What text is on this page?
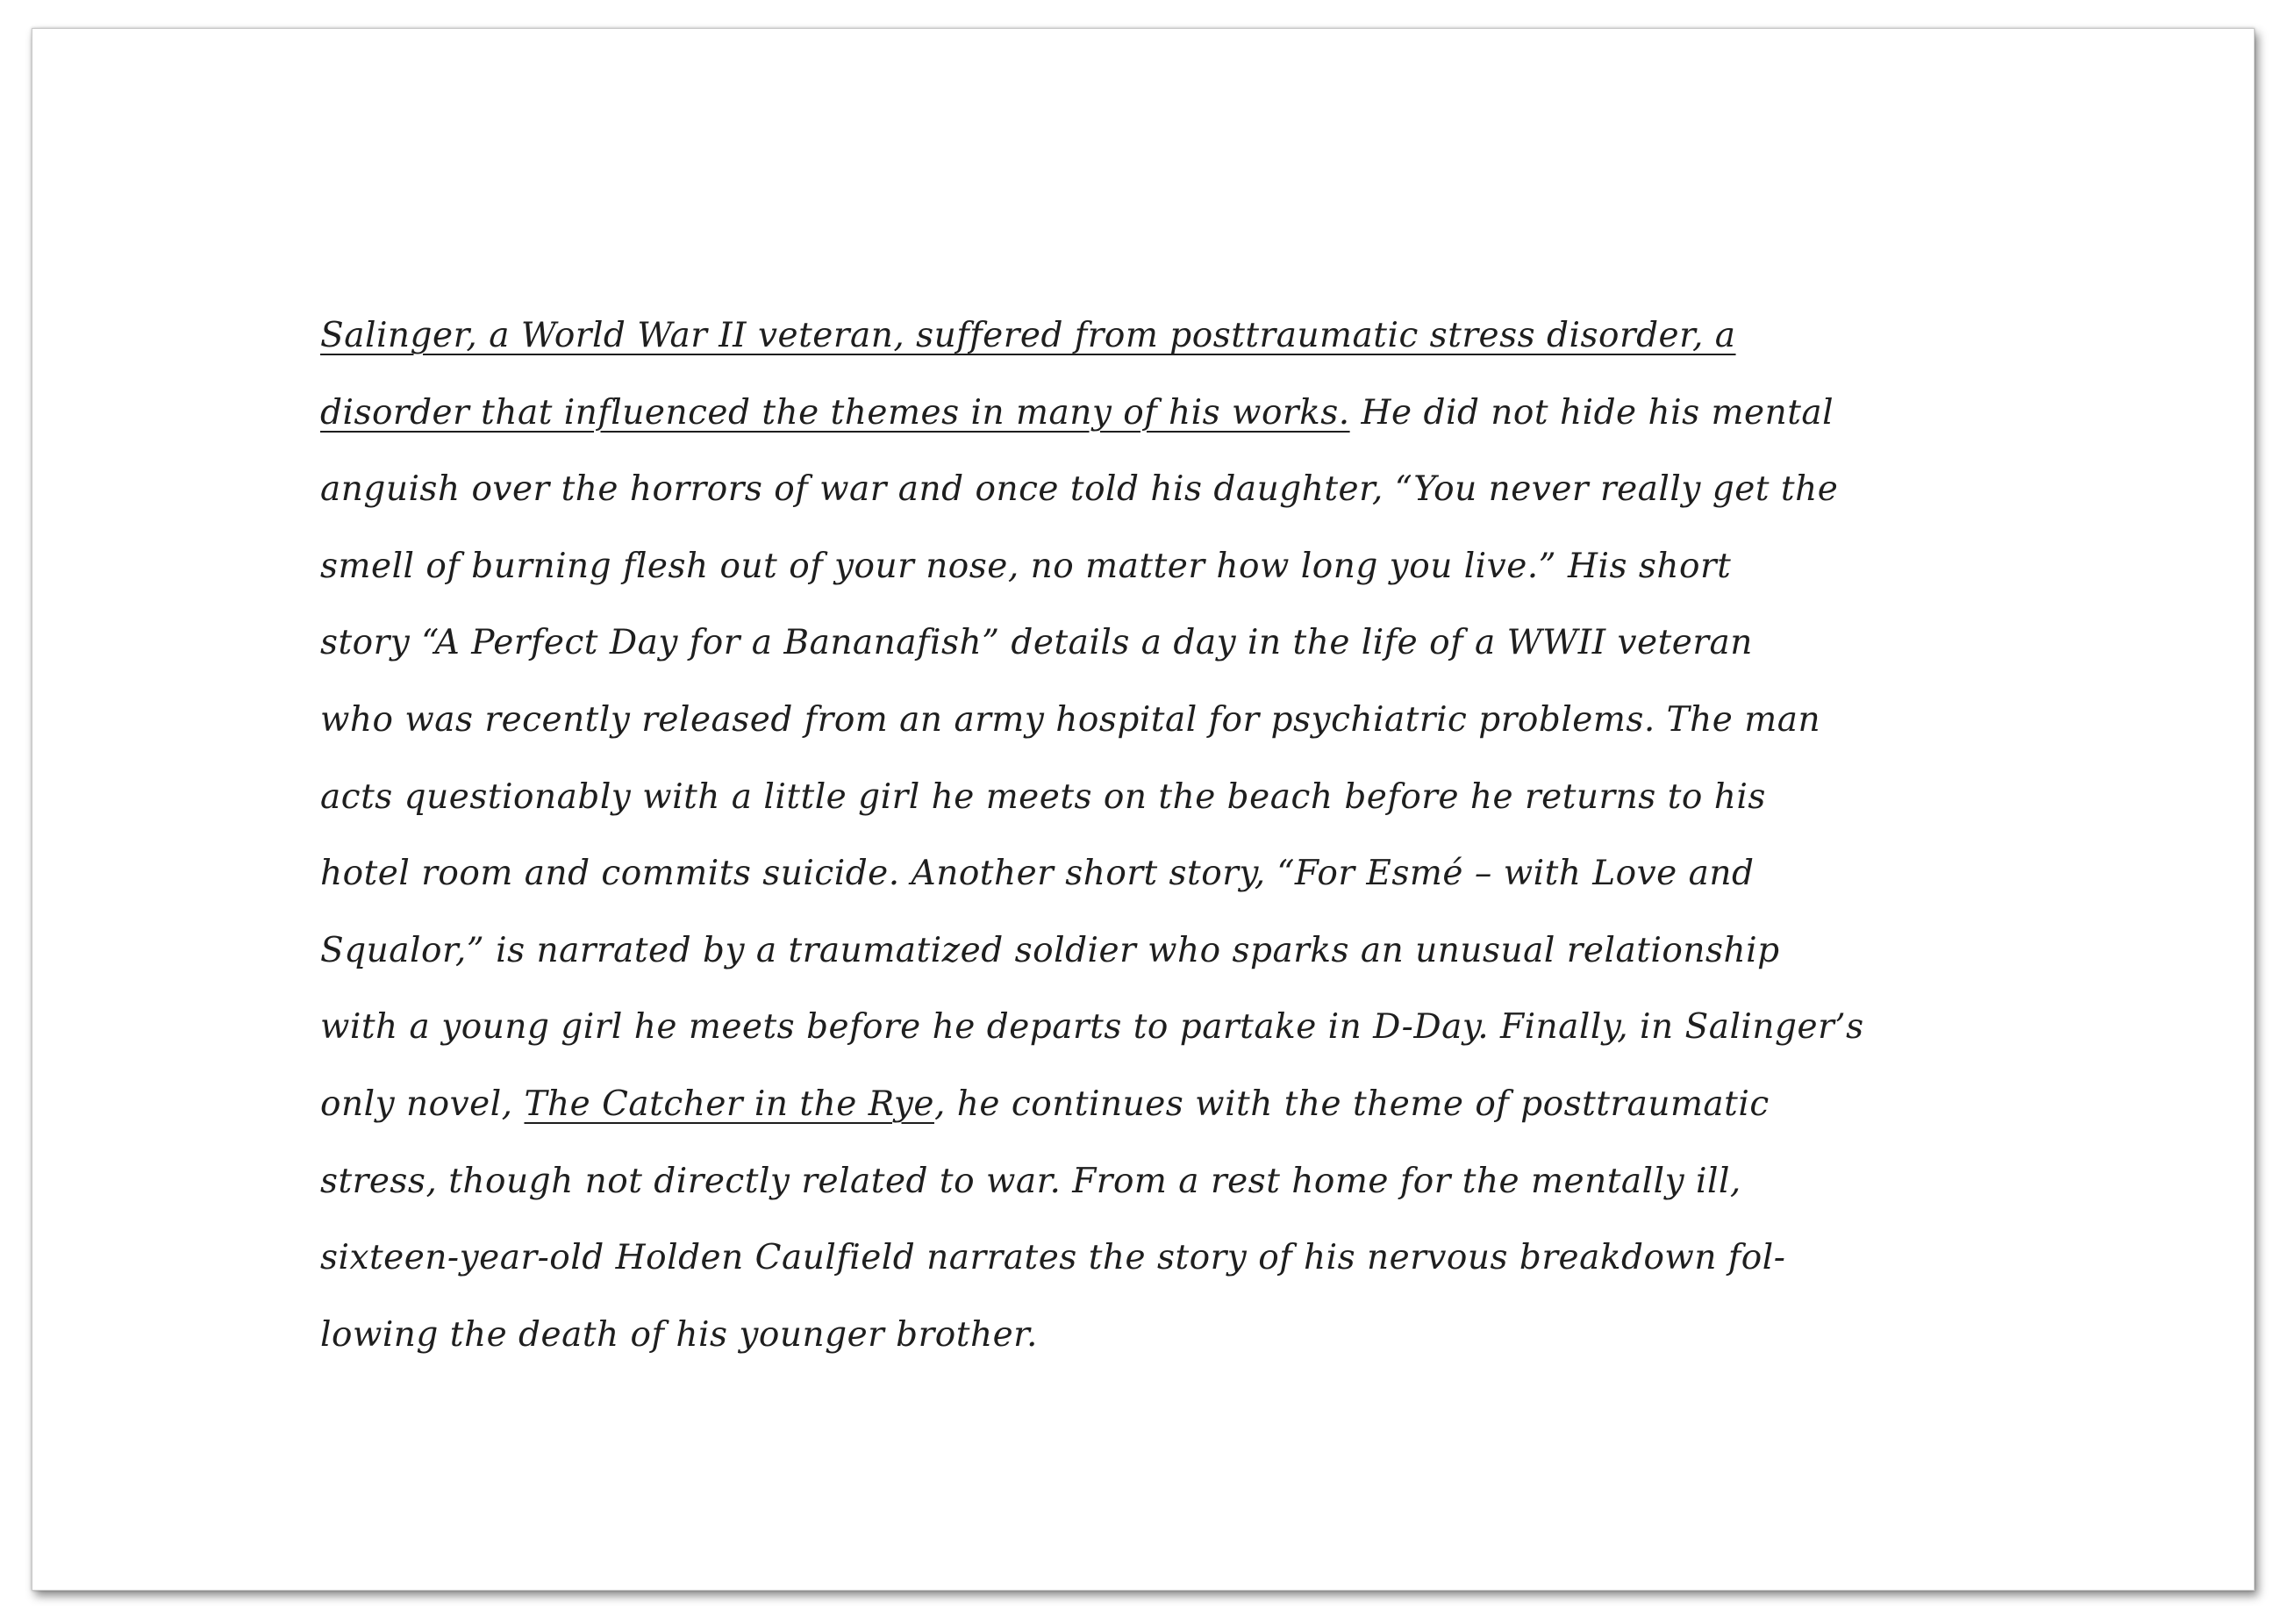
Salinger, a World War II veteran, suffered from posttraumatic stress disorder, a
disorder that influenced the themes in many of his works. He did not hide his mental
anguish over the horrors of war and once told his daughter, “You never really get the
smell of burning flesh out of your nose, no matter how long you live.” His short
story “A Perfect Day for a Bananafish” details a day in the life of a WWII veteran
who was recently released from an army hospital for psychiatric problems. The man
acts questionably with a little girl he meets on the beach before he returns to his
hotel room and commits suicide. Another short story, “For Esmé – with Love and
Squalor,” is narrated by a traumatized soldier who sparks an unusual relationship
with a young girl he meets before he departs to partake in D-Day. Finally, in Salinger’s
only novel, The Catcher in the Rye, he continues with the theme of posttraumatic
stress, though not directly related to war. From a rest home for the mentally ill,
sixteen-year-old Holden Caulfield narrates the story of his nervous breakdown fol-
lowing the death of his younger brother.
